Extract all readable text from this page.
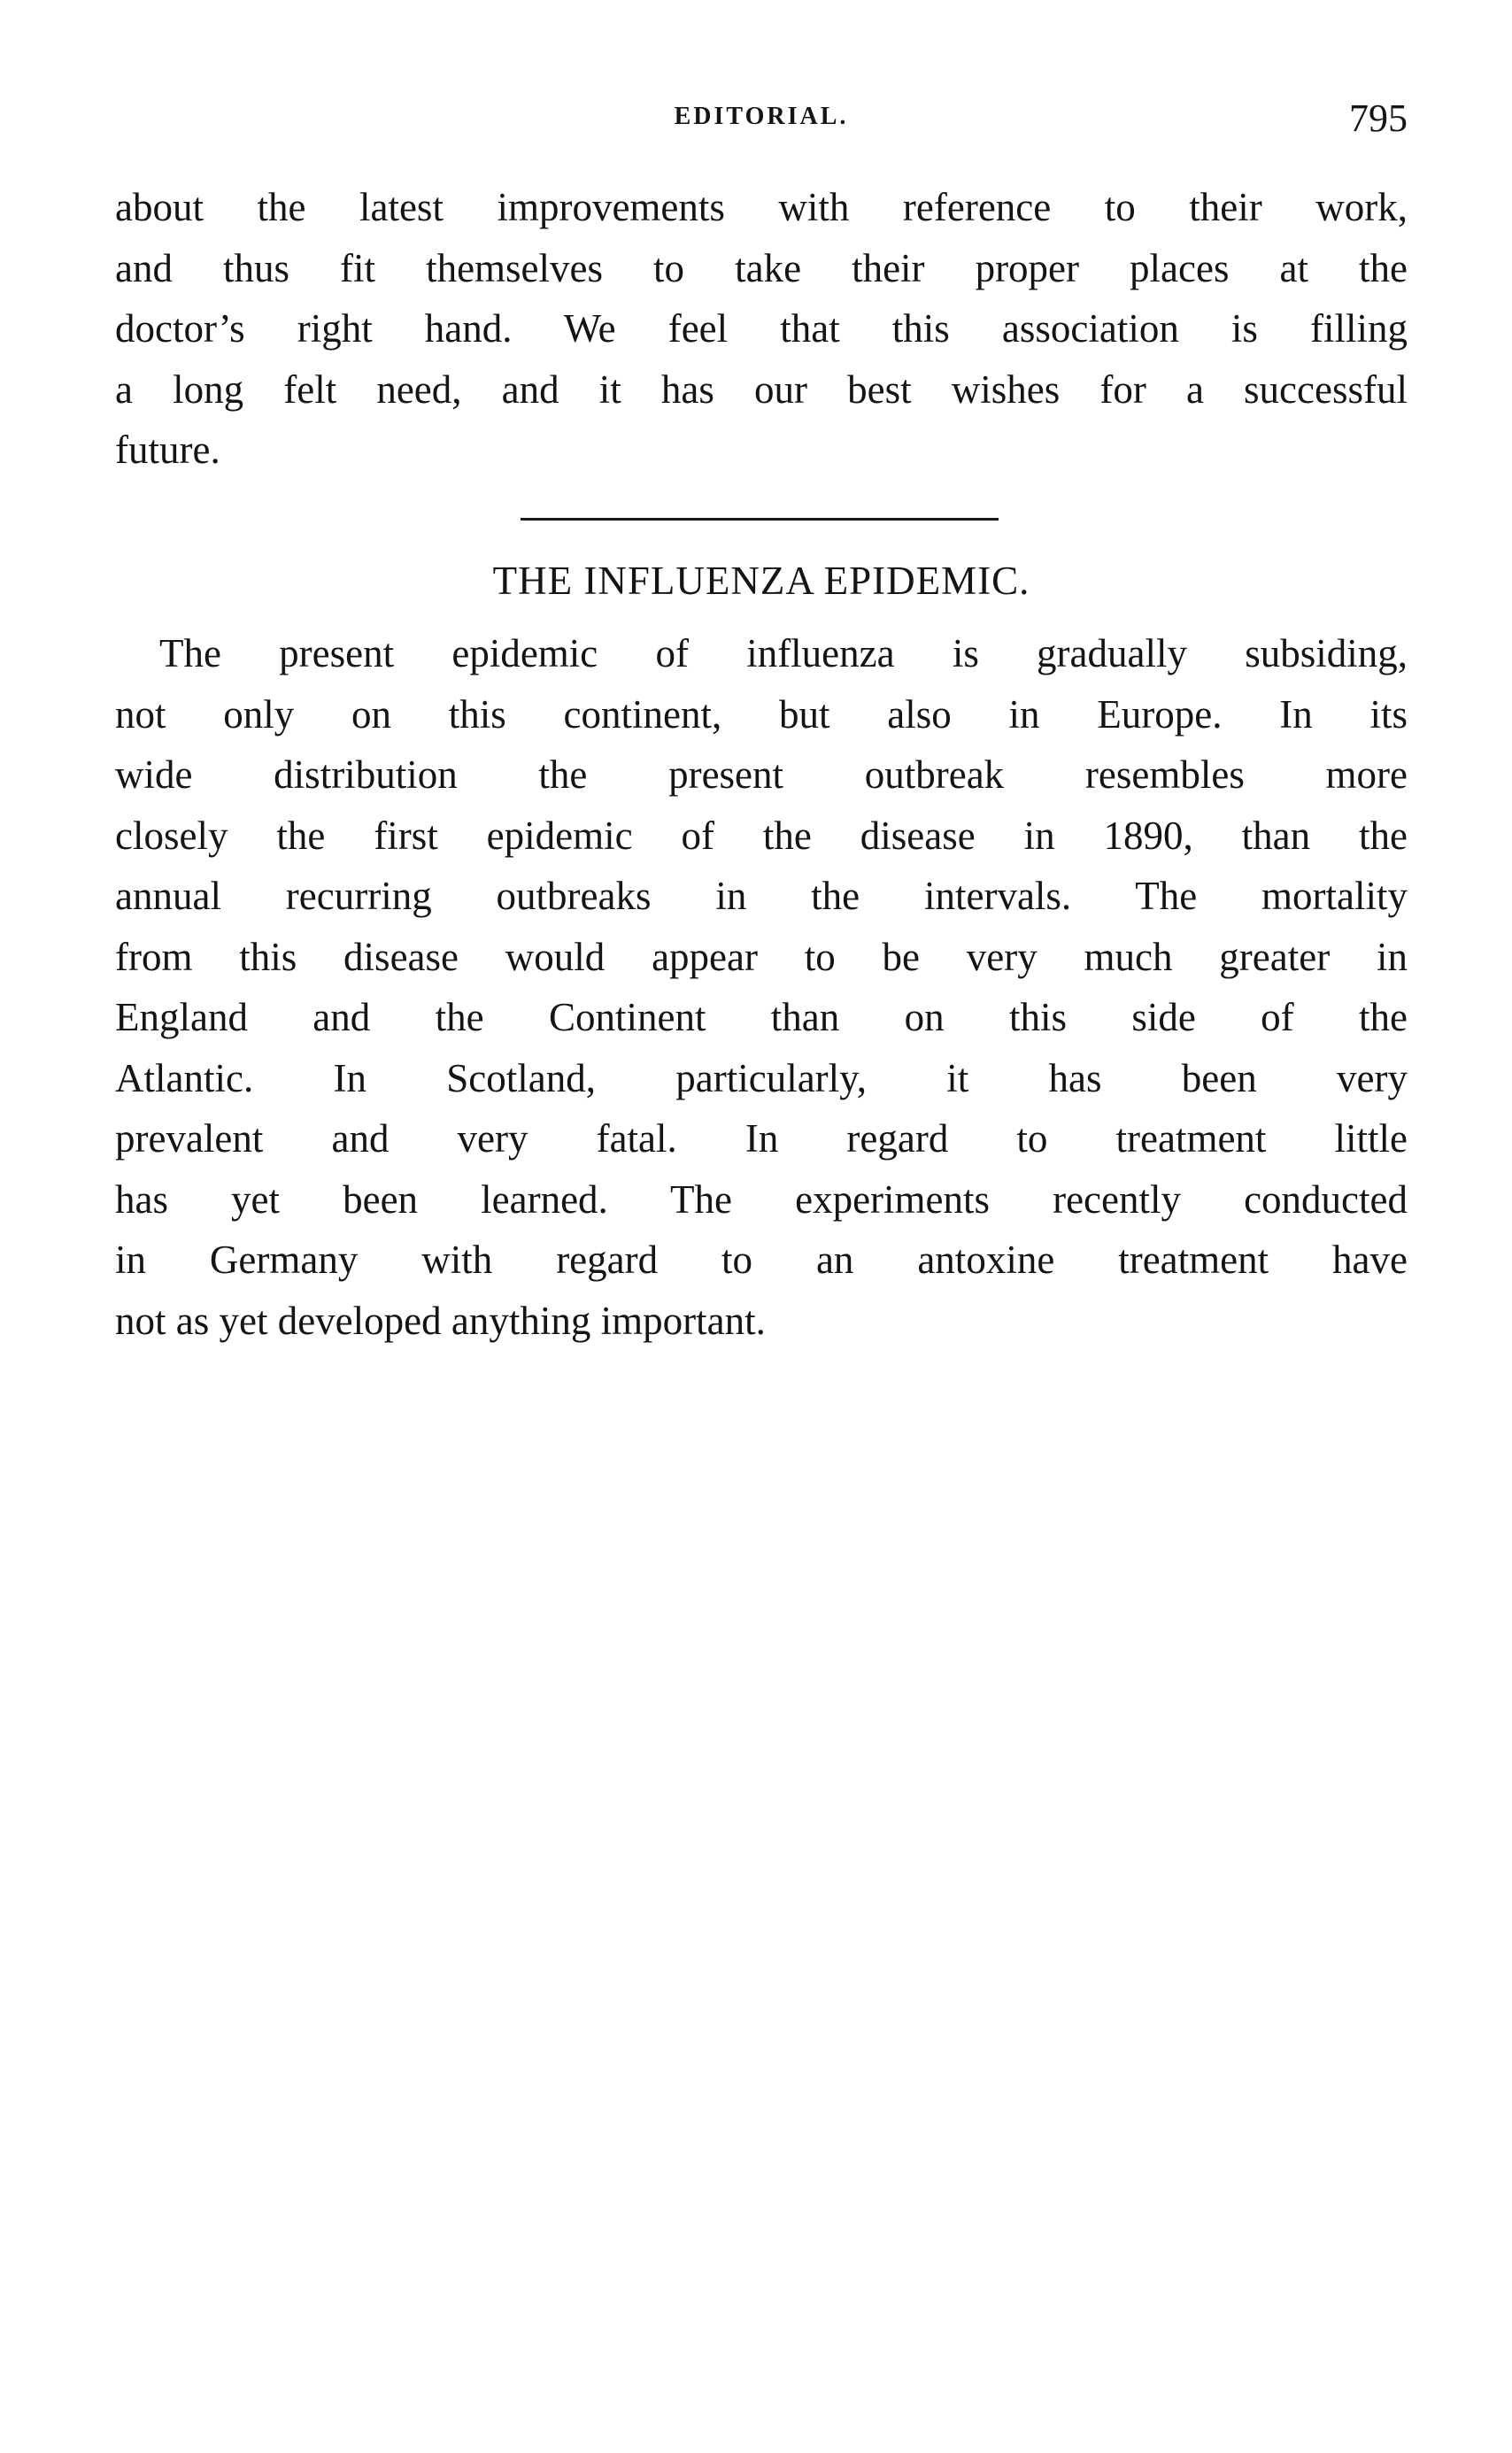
EDITORIAL.	795
about the latest improvements with reference to their work,
and thus fit themselves to take their proper places at the
doctor’s right hand. We feel that this association is filling
a long felt need, and it has our best wishes for a successful
future.
THE INFLUENZA EPIDEMIC.
The present epidemic of influenza is gradually subsiding,
not only on this continent, but also in Europe. In its
wide distribution the present outbreak resembles more
closely the first epidemic of the disease in 1890, than the
annual recurring outbreaks in the intervals. The mortality
from this disease would appear to be very much greater in
England and the Continent than on this side of the
Atlantic. In Scotland, particularly, it has been very
prevalent and very fatal. In regard to treatment little
has yet been learned. The experiments recently conducted
in Germany with regard to an antoxine treatment have
not as yet developed anything important.
